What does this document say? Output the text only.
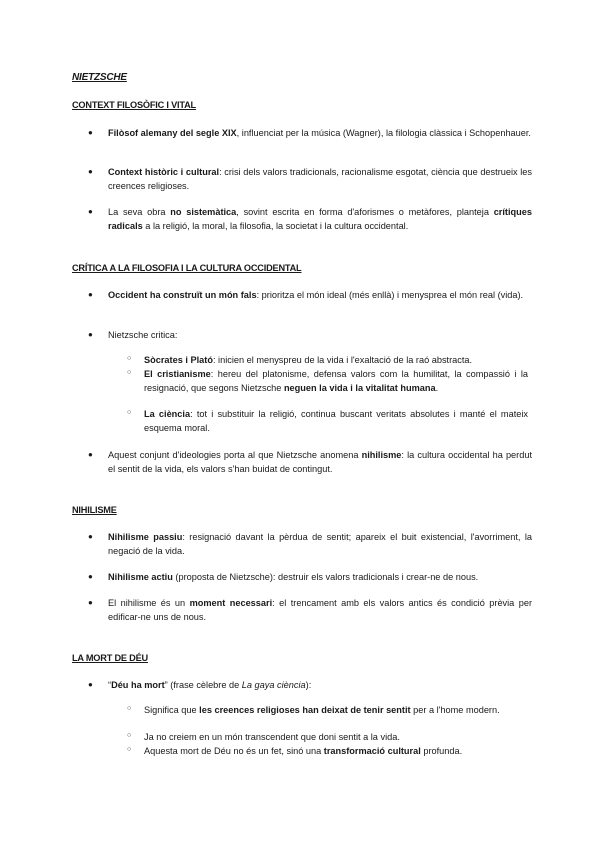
NIETZSCHE

CONTEXT FILOSÒFIC I VITAL

● Filòsof alemany del segle XIX, influenciat per la música (Wagner), la filologia clàssica i Schopenhauer.

● Context històric i cultural: crisi dels valors tradicionals, racionalisme esgotat, ciència que destrueix les creences religioses.

● La seva obra no sistemàtica, sovint escrita en forma d'aforismes o metàfores, planteja crítiques radicals a la religió, la moral, la filosofia, la societat i la cultura occidental.

CRÍTICA A LA FILOSOFIA I LA CULTURA OCCIDENTAL

● Occident ha construït un món fals: prioritza el món ideal (més enllà) i menysprea el món real (vida).

● Nietzsche critica:

○ Sòcrates i Plató: inicien el menyspreu de la vida i l'exaltació de la raó abstracta.

○ El cristianisme: hereu del platonisme, defensa valors com la humilitat, la compassió i la resignació, que segons Nietzsche neguen la vida i la vitalitat humana.

○ La ciència: tot i substituir la religió, continua buscant veritats absolutes i manté el mateix esquema moral.

● Aquest conjunt d'ideologies porta al que Nietzsche anomena nihilisme: la cultura occidental ha perdut el sentit de la vida, els valors s'han buidat de contingut.

NIHILISME

● Nihilisme passiu: resignació davant la pèrdua de sentit; apareix el buit existencial, l'avorriment, la negació de la vida.

● Nihilisme actiu (proposta de Nietzsche): destruir els valors tradicionals i crear-ne de nous.

● El nihilisme és un moment necessari: el trencament amb els valors antics és condició prèvia per edificar-ne uns de nous.

LA MORT DE DÉU

● “Déu ha mort” (frase cèlebre de La gaya ciència):

○ Significa que les creences religioses han deixat de tenir sentit per a l'home modern.

○ Ja no creiem en un món transcendent que doni sentit a la vida.

○ Aquesta mort de Déu no és un fet, sinó una transformació cultural profunda.
